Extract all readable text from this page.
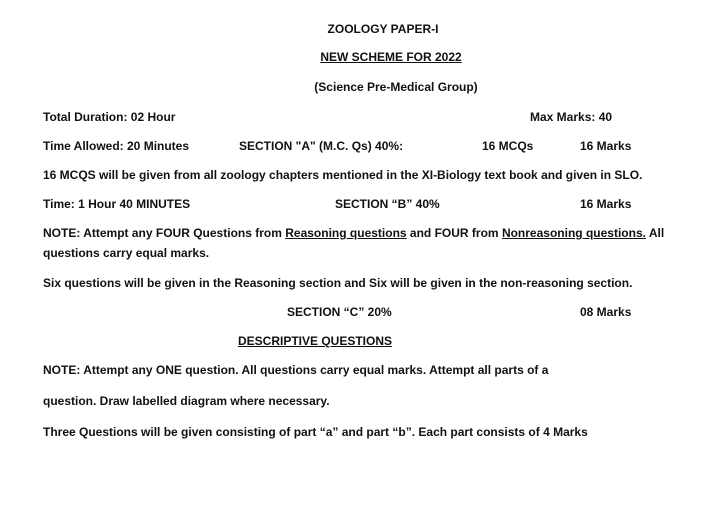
ZOOLOGY PAPER-I
NEW SCHEME FOR 2022
(Science Pre-Medical Group)
Total Duration: 02 Hour	Max Marks: 40
Time Allowed: 20 Minutes	SECTION "A" (M.C. Qs) 40%:	16 MCQs	16 Marks
16 MCQS will be given from all zoology chapters mentioned in the XI-Biology text book and given in SLO.
Time: 1 Hour 40 MINUTES	SECTION “B” 40%	16 Marks
NOTE: Attempt any FOUR Questions from Reasoning questions and FOUR from Nonreasoning questions. All
questions carry equal marks.
Six questions will be given in the Reasoning section and Six will be given in the non-reasoning section.
SECTION “C” 20%	08 Marks
DESCRIPTIVE QUESTIONS
NOTE: Attempt any ONE question. All questions carry equal marks. Attempt all parts of a
question. Draw labelled diagram where necessary.
Three Questions will be given consisting of part “a” and part “b”. Each part consists of 4 Marks
